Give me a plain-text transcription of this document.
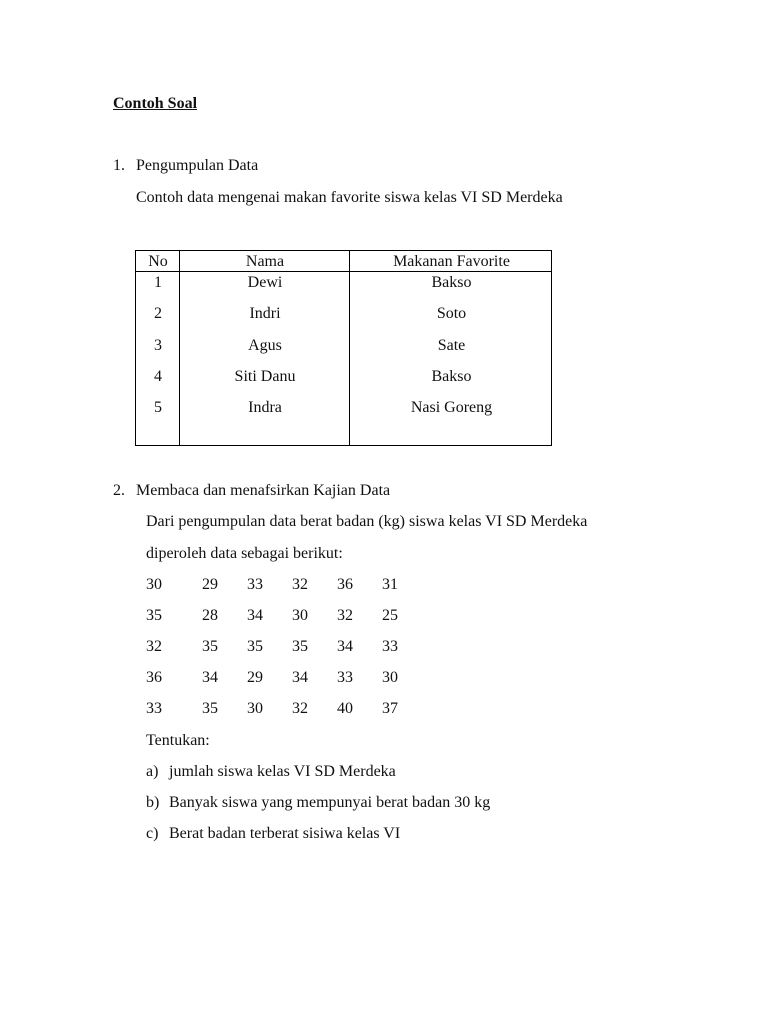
Contoh Soal
1. Pengumpulan Data
Contoh data mengenai makan favorite siswa kelas VI SD Merdeka
No	Nama	Makanan Favorite
1	Dewi	Bakso
2	Indri	Soto
3	Agus	Sate
4	Siti Danu	Bakso
5	Indra	Nasi Goreng
2. Membaca dan menafsirkan Kajian Data
Dari pengumpulan data berat badan (kg) siswa kelas VI SD Merdeka
diperoleh data sebagai berikut:
30	29 33 32 36 31
35	28 34 30 32 25
32	35 35 35 34 33
36	34 29 34 33 30
33	35 30 32 40 37
Tentukan:
a) jumlah siswa kelas VI SD Merdeka
b) Banyak siswa yang mempunyai berat badan 30 kg
c) Berat badan terberat sisiwa kelas VI
